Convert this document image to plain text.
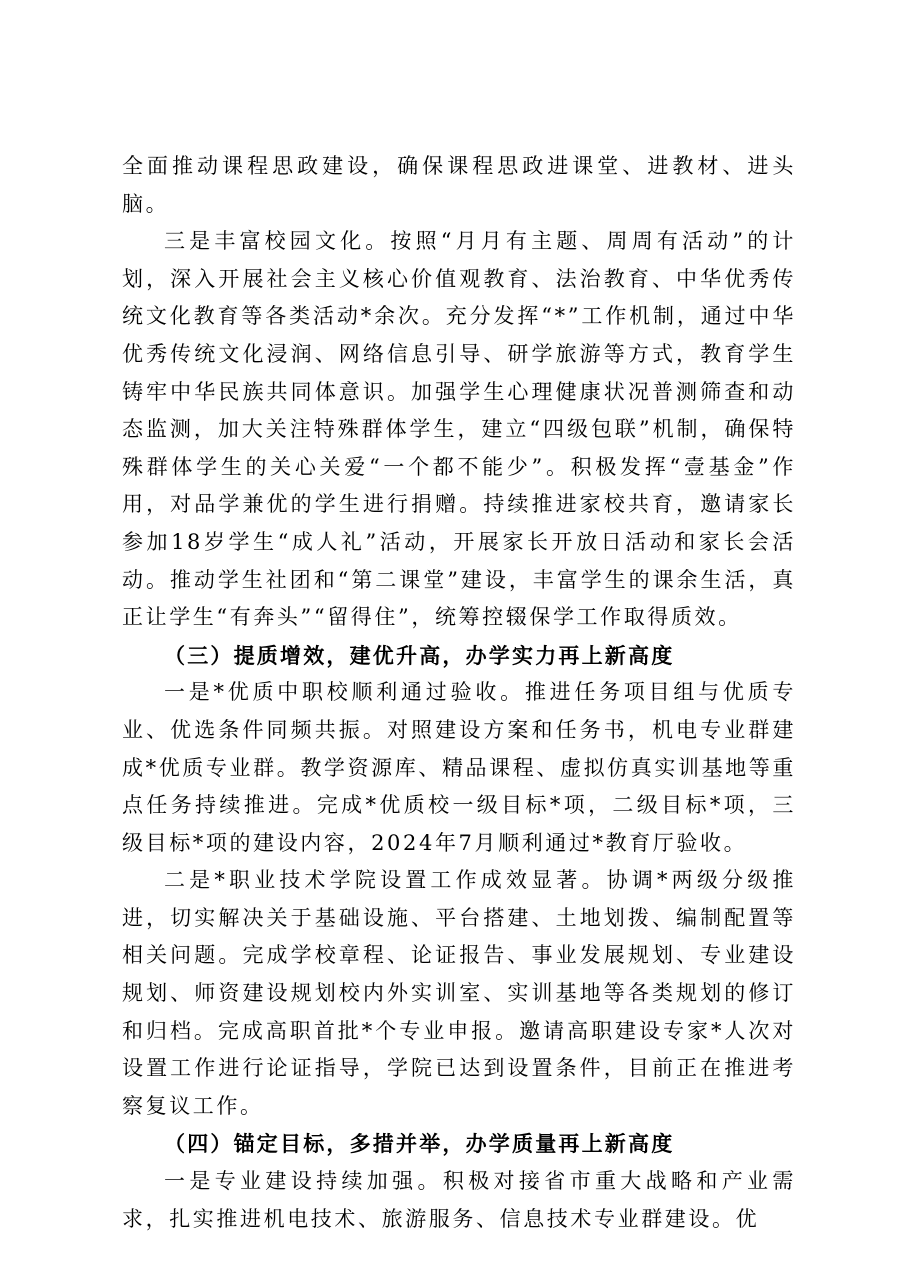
全面推动课程思政建设，确保课程思政进课堂、进教材、进头脑。

三是丰富校园文化。按照“月月有主题、周周有活动”的计划，深入开展社会主义核心价值观教育、法治教育、中华优秀传统文化教育等各类活动*余次。充分发挥“*”工作机制，通过中华优秀传统文化浸润、网络信息引导、研学旅游等方式，教育学生铸牢中华民族共同体意识。加强学生心理健康状况普测筛查和动态监测，加大关注特殊群体学生，建立“四级包联”机制，确保特殊群体学生的关心关爱“一个都不能少”。积极发挥“壹基金”作用，对品学兼优的学生进行捐赠。持续推进家校共育，邀请家长参加18岁学生“成人礼”活动，开展家长开放日活动和家长会活动。推动学生社团和“第二课堂”建设，丰富学生的课余生活，真正让学生“有奔头”“留得住”，统筹控辍保学工作取得质效。

（三）提质增效，建优升高，办学实力再上新高度

一是*优质中职校顺利通过验收。推进任务项目组与优质专业、优选条件同频共振。对照建设方案和任务书，机电专业群建成*优质专业群。教学资源库、精品课程、虚拟仿真实训基地等重点任务持续推进。完成*优质校一级目标*项，二级目标*项，三级目标*项的建设内容，2024年7月顺利通过*教育厅验收。

二是*职业技术学院设置工作成效显著。协调*两级分级推进，切实解决关于基础设施、平台搭建、土地划拨、编制配置等相关问题。完成学校章程、论证报告、事业发展规划、专业建设规划、师资建设规划校内外实训室、实训基地等各类规划的修订和归档。完成高职首批*个专业申报。邀请高职建设专家*人次对设置工作进行论证指导，学院已达到设置条件，目前正在推进考察复议工作。

（四）锚定目标，多措并举，办学质量再上新高度

一是专业建设持续加强。积极对接省市重大战略和产业需求，扎实推进机电技术、旅游服务、信息技术专业群建设。优
